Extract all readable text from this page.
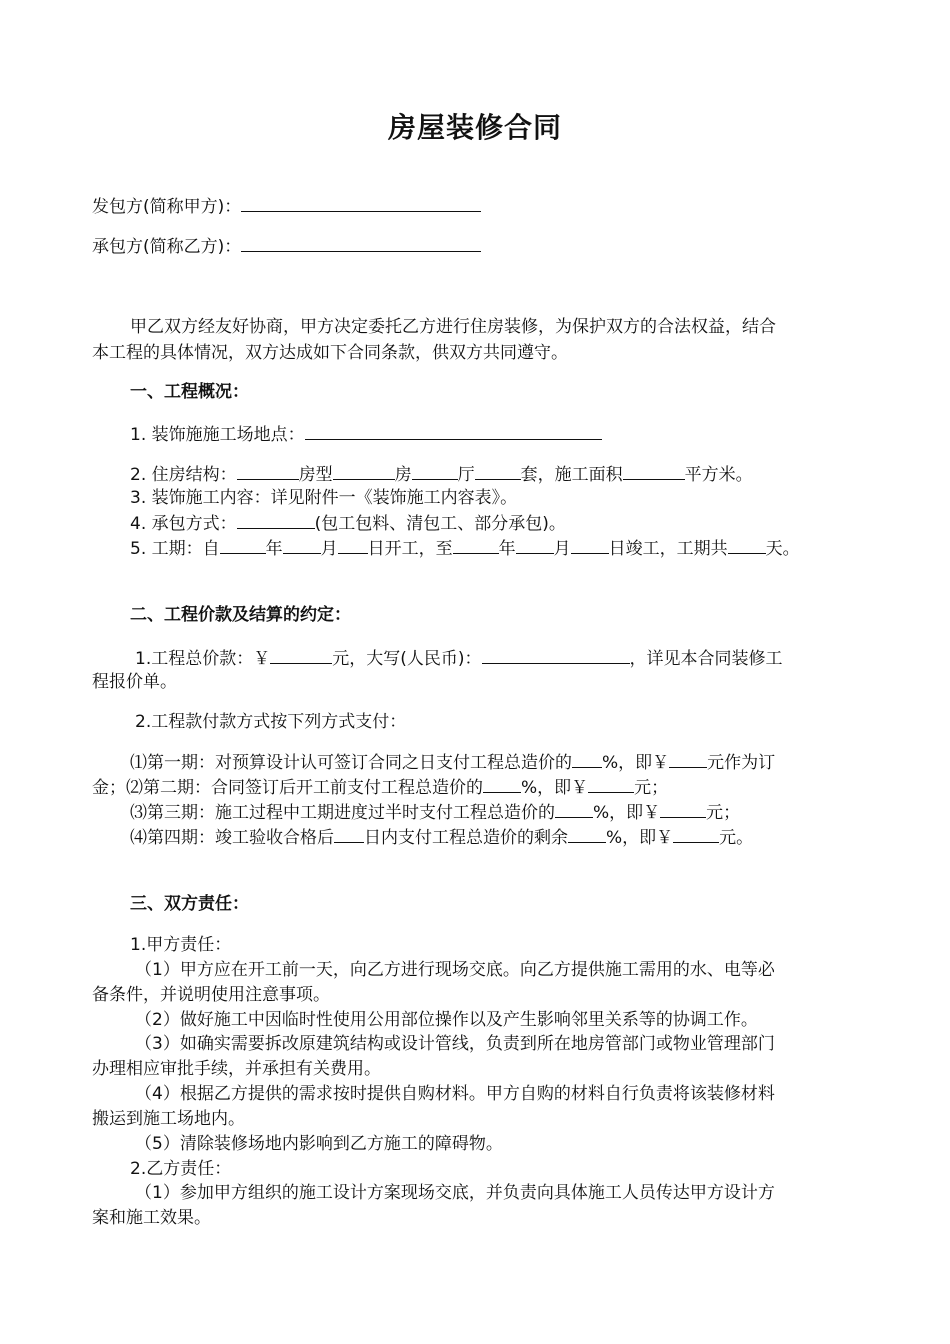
房屋装修合同
发包方(简称甲方)：
承包方(简称乙方)：
甲乙双方经友好协商，甲方决定委托乙方进行住房装修，为保护双方的合法权益，结合
本工程的具体情况，双方达成如下合同条款，供双方共同遵守。
一、工程概况：
1. 装饰施施工场地点：
2. 住房结构：	房型	房	厅	套，施工面积	平方米。
3. 装饰施工内容：详见附件一《装饰施工内容表》。
4. 承包方式：	(包工包料、清包工、部分承包)。
5. 工期：自	年 月 日开工，至	年 月 日竣工，工期共 天。
二、工程价款及结算的约定：
1.工程总价款：￥	元，大写(人民币)：	，详见本合同装修工
程报价单。
2.工程款付款方式按下列方式支付：
⑴第一期：对预算设计认可签订合同之日支付工程总造价的 %，即￥ 元作为订
金；⑵第二期：合同签订后开工前支付工程总造价的 %，即￥	元；
⑶第三期：施工过程中工期进度过半时支付工程总造价的 %，即￥	元；
⑷第四期：竣工验收合格后 日内支付工程总造价的剩余 %，即￥	元。
三、双方责任：
1.甲方责任：
（1）甲方应在开工前一天，向乙方进行现场交底。向乙方提供施工需用的水、电等必
备条件，并说明使用注意事项。
（2）做好施工中因临时性使用公用部位操作以及产生影响邻里关系等的协调工作。
（3）如确实需要拆改原建筑结构或设计管线，负责到所在地房管部门或物业管理部门
办理相应审批手续，并承担有关费用。
（4）根据乙方提供的需求按时提供自购材料。甲方自购的材料自行负责将该装修材料
搬运到施工场地内。
（5）清除装修场地内影响到乙方施工的障碍物。
2.乙方责任：
（1）参加甲方组织的施工设计方案现场交底，并负责向具体施工人员传达甲方设计方
案和施工效果。
